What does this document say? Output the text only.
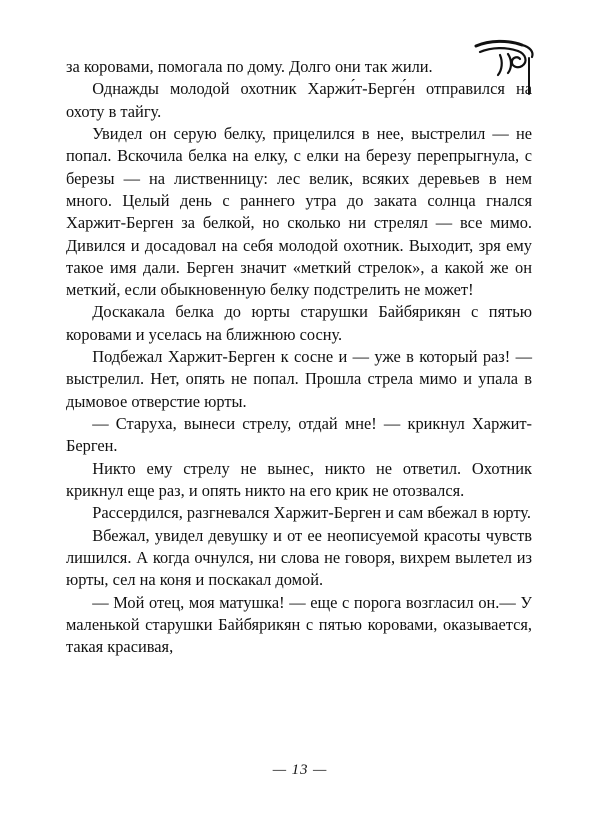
за коровами, помогала по дому. Долго они так жили.

Однажды молодой охотник Харжи́т-Берге́н отправился на охоту в тайгу.

Увидел он серую белку, прицелился в нее, выстрелил — не попал. Вскочила белка на елку, с елки на березу перепрыгнула, с березы — на лиственницу: лес велик, всяких деревьев в нем много. Целый день с раннего утра до заката солнца гнался Харжит-Берген за белкой, но сколько ни стрелял — все мимо. Дивился и досадовал на себя молодой охотник. Выходит, зря ему такое имя дали. Берген значит «меткий стрелок», а какой же он меткий, если обыкновенную белку подстрелить не может!

Доскакала белка до юрты старушки Байбярикян с пятью коровами и уселась на ближнюю сосну.

Подбежал Харжит-Берген к сосне и — уже в который раз! — выстрелил. Нет, опять не попал. Прошла стрела мимо и упала в дымовое отверстие юрты.

— Старуха, вынеси стрелу, отдай мне! — крикнул Харжит-Берген.

Никто ему стрелу не вынес, никто не ответил. Охотник крикнул еще раз, и опять никто на его крик не отозвался.

Рассердился, разгневался Харжит-Берген и сам вбежал в юрту.

Вбежал, увидел девушку и от ее неописуемой красоты чувств лишился. А когда очнулся, ни слова не говоря, вихрем вылетел из юрты, сел на коня и поскакал домой.

— Мой отец, моя матушка! — еще с порога возгласил он.— У маленькой старушки Байбярикян с пятью коровами, оказывается, такая красивая,

— 13 —
